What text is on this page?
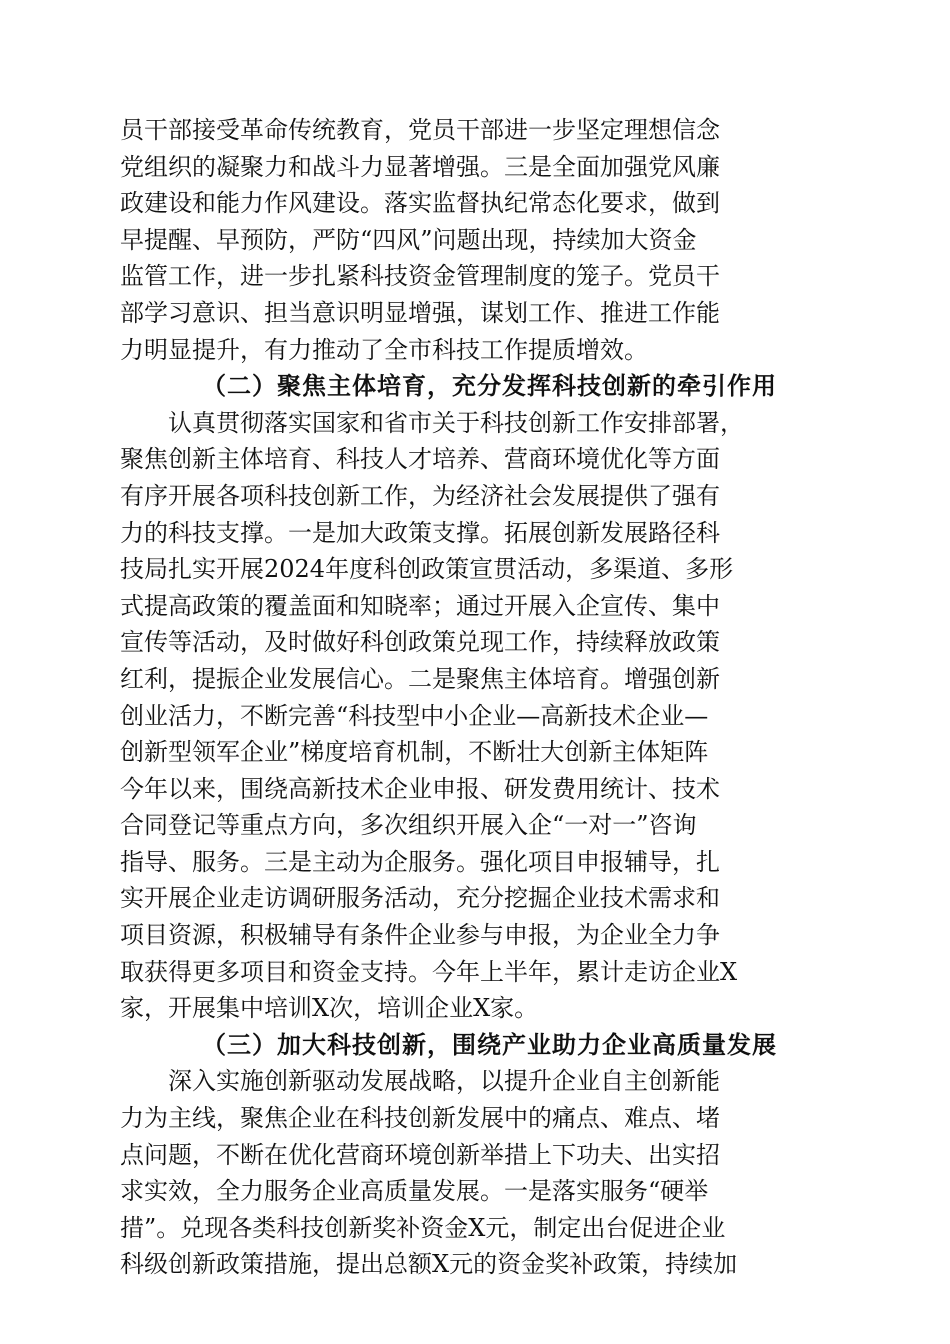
员干部接受革命传统教育，党员干部进一步坚定理想信念
党组织的凝聚力和战斗力显著增强。三是全面加强党风廉
政建设和能力作风建设。落实监督执纪常态化要求，做到
早提醒、早预防，严防“四风”问题出现，持续加大资金
监管工作，进一步扎紧科技资金管理制度的笼子。党员干
部学习意识、担当意识明显增强，谋划工作、推进工作能
力明显提升，有力推动了全市科技工作提质增效。
（二）聚焦主体培育，充分发挥科技创新的牵引作用
认真贯彻落实国家和省市关于科技创新工作安排部署，
聚焦创新主体培育、科技人才培养、营商环境优化等方面
有序开展各项科技创新工作，为经济社会发展提供了强有
力的科技支撑。一是加大政策支撑。拓展创新发展路径科
技局扎实开展2024年度科创政策宣贯活动，多渠道、多形
式提高政策的覆盖面和知晓率；通过开展入企宣传、集中
宣传等活动，及时做好科创政策兑现工作，持续释放政策
红利，提振企业发展信心。二是聚焦主体培育。增强创新
创业活力，不断完善“科技型中小企业—高新技术企业—
创新型领军企业”梯度培育机制，不断壮大创新主体矩阵
今年以来，围绕高新技术企业申报、研发费用统计、技术
合同登记等重点方向，多次组织开展入企“一对一”咨询
指导、服务。三是主动为企服务。强化项目申报辅导，扎
实开展企业走访调研服务活动，充分挖掘企业技术需求和
项目资源，积极辅导有条件企业参与申报，为企业全力争
取获得更多项目和资金支持。今年上半年，累计走访企业X
家，开展集中培训X次，培训企业X家。
（三）加大科技创新，围绕产业助力企业高质量发展
深入实施创新驱动发展战略，以提升企业自主创新能
力为主线，聚焦企业在科技创新发展中的痛点、难点、堵
点问题，不断在优化营商环境创新举措上下功夫、出实招
求实效，全力服务企业高质量发展。一是落实服务“硬举
措”。兑现各类科技创新奖补资金X元，制定出台促进企业
科级创新政策措施，提出总额X元的资金奖补政策，持续加
